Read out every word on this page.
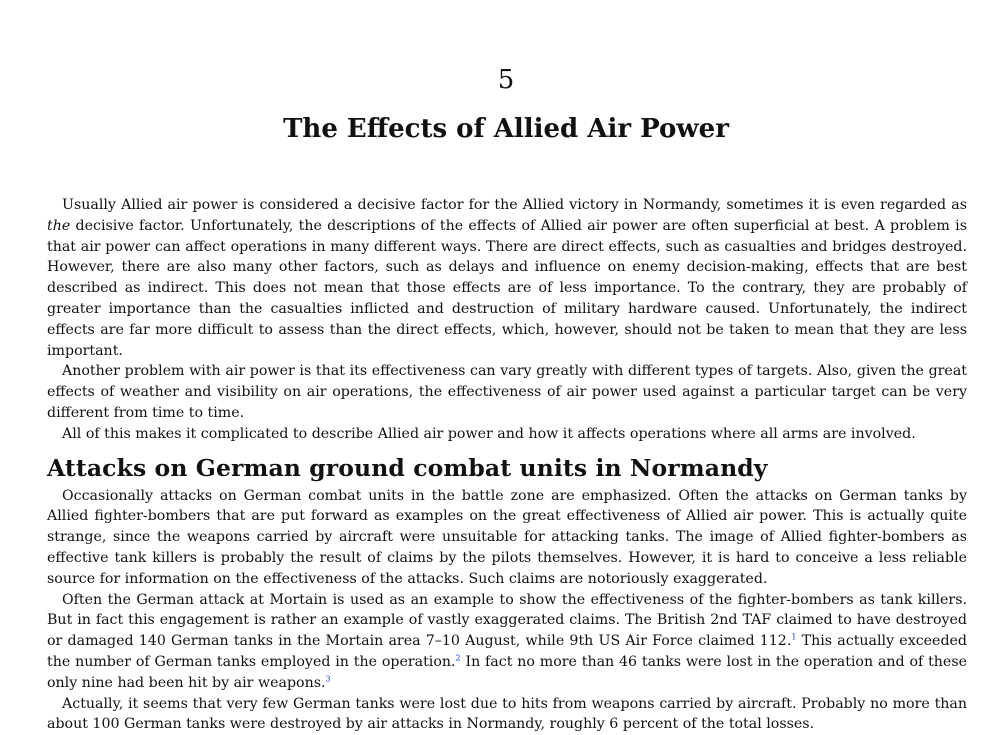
5
The Effects of Allied Air Power

Usually Allied air power is considered a decisive factor for the Allied victory in Normandy, sometimes it is even regarded as the decisive factor. Unfortunately, the descriptions of the effects of Allied air power are often superficial at best. A problem is that air power can affect operations in many different ways. There are direct effects, such as casualties and bridges destroyed. However, there are also many other factors, such as delays and influence on enemy decision-making, effects that are best described as indirect. This does not mean that those effects are of less importance. To the contrary, they are probably of greater importance than the casualties inflicted and destruction of military hardware caused. Unfortunately, the indirect effects are far more difficult to assess than the direct effects, which, however, should not be taken to mean that they are less important.

Another problem with air power is that its effectiveness can vary greatly with different types of targets. Also, given the great effects of weather and visibility on air operations, the effectiveness of air power used against a particular target can be very different from time to time.

All of this makes it complicated to describe Allied air power and how it affects operations where all arms are involved.

Attacks on German ground combat units in Normandy

Occasionally attacks on German combat units in the battle zone are emphasized. Often the attacks on German tanks by Allied fighter-bombers that are put forward as examples on the great effectiveness of Allied air power. This is actually quite strange, since the weapons carried by aircraft were unsuitable for attacking tanks. The image of Allied fighter-bombers as effective tank killers is probably the result of claims by the pilots themselves. However, it is hard to conceive a less reliable source for information on the effectiveness of the attacks. Such claims are notoriously exaggerated.

Often the German attack at Mortain is used as an example to show the effectiveness of the fighter-bombers as tank killers. But in fact this engagement is rather an example of vastly exaggerated claims. The British 2nd TAF claimed to have destroyed or damaged 140 German tanks in the Mortain area 7–10 August, while 9th US Air Force claimed 112.$^1$ This actually exceeded the number of German tanks employed in the operation.$^2$ In fact no more than 46 tanks were lost in the operation and of these only nine had been hit by air weapons.$^3$

Actually, it seems that very few German tanks were lost due to hits from weapons carried by aircraft. Probably no more than about 100 German tanks were destroyed by air attacks in Normandy, roughly 6 percent of the total losses.
